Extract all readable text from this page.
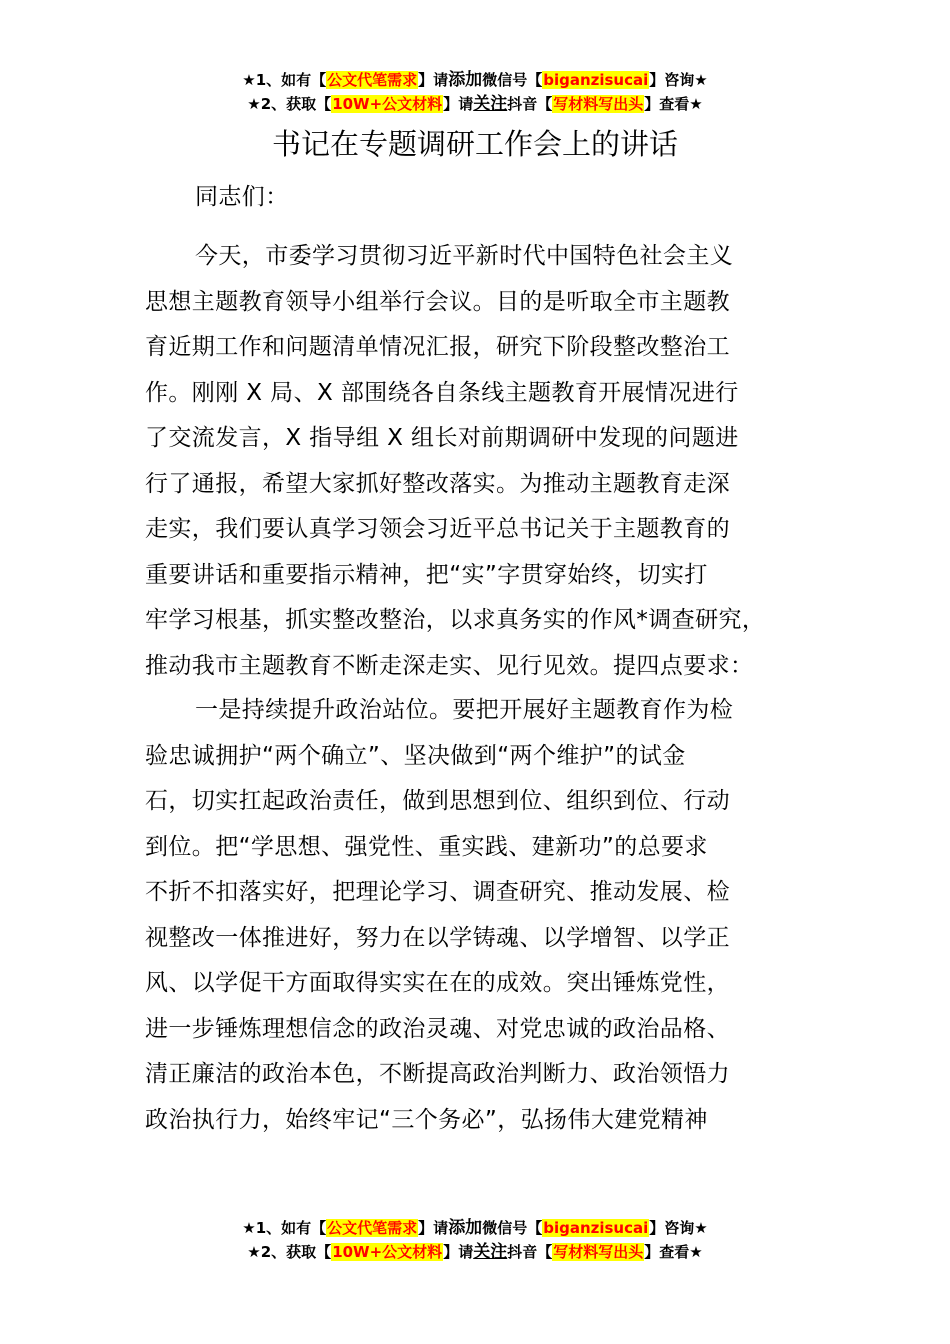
★1、如有【公文代笔需求】请添加微信号【biganzisucai】咨询★
★2、获取【10W+公文材料】请关注抖音【写材料写出头】查看★
书记在专题调研工作会上的讲话
同志们：
今天，市委学习贯彻习近平新时代中国特色社会主义
思想主题教育领导小组举行会议。目的是听取全市主题教
育近期工作和问题清单情况汇报，研究下阶段整改整治工
作。刚刚 X 局、X 部围绕各自条线主题教育开展情况进行
了交流发言，X 指导组 X 组长对前期调研中发现的问题进
行了通报，希望大家抓好整改落实。为推动主题教育走深
走实，我们要认真学习领会习近平总书记关于主题教育的
重要讲话和重要指示精神，把“实”字贯穿始终，切实打
牢学习根基，抓实整改整治，以求真务实的作风*调查研究，
推动我市主题教育不断走深走实、见行见效。提四点要求：
一是持续提升政治站位。要把开展好主题教育作为检
验忠诚拥护“两个确立”、坚决做到“两个维护”的试金
石，切实扛起政治责任，做到思想到位、组织到位、行动
到位。把“学思想、强党性、重实践、建新功”的总要求
不折不扣落实好，把理论学习、调查研究、推动发展、检
视整改一体推进好，努力在以学铸魂、以学增智、以学正
风、以学促干方面取得实实在在的成效。突出锤炼党性，
进一步锤炼理想信念的政治灵魂、对党忠诚的政治品格、
清正廉洁的政治本色，不断提高政治判断力、政治领悟力
政治执行力，始终牢记“三个务必”，弘扬伟大建党精神
★1、如有【公文代笔需求】请添加微信号【biganzisucai】咨询★
★2、获取【10W+公文材料】请关注抖音【写材料写出头】查看★
